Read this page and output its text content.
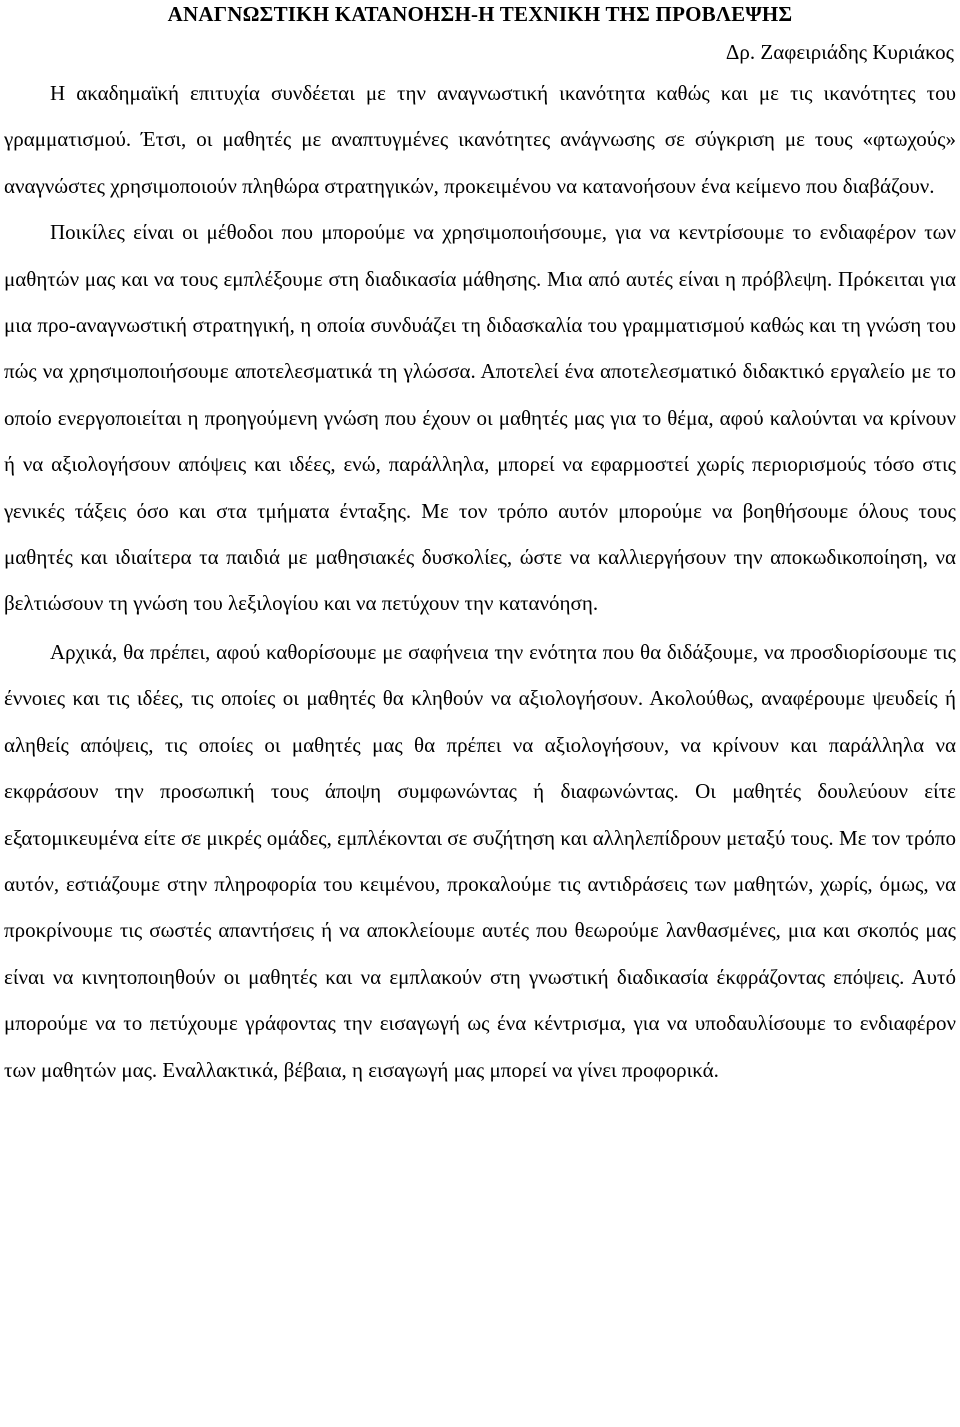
ΑΝΑΓΝΩΣΤΙΚΗ ΚΑΤΑΝΟΗΣΗ-Η ΤΕΧΝΙΚΗ ΤΗΣ ΠΡΟΒΛΕΨΗΣ

Δρ. Ζαφειριάδης Κυριάκος

Η ακαδημαϊκή επιτυχία συνδέεται με την αναγνωστική ικανότητα καθώς και με τις ικανότητες του γραμματισμού. Έτσι, οι μαθητές με αναπτυγμένες ικανότητες ανάγνωσης σε σύγκριση με τους «φτωχούς» αναγνώστες χρησιμοποιούν πληθώρα στρατηγικών, προκειμένου να κατανοήσουν ένα κείμενο που διαβάζουν.

Ποικίλες είναι οι μέθοδοι που μπορούμε να χρησιμοποιήσουμε, για να κεντρίσουμε το ενδιαφέρον των μαθητών μας και να τους εμπλέξουμε στη διαδικασία μάθησης. Μια από αυτές είναι η πρόβλεψη. Πρόκειται για μια προ-αναγνωστική στρατηγική, η οποία συνδυάζει τη διδασκαλία του γραμματισμού καθώς και τη γνώση του πώς να χρησιμοποιήσουμε αποτελεσματικά τη γλώσσα. Αποτελεί ένα αποτελεσματικό διδακτικό εργαλείο με το οποίο ενεργοποιείται η προηγούμενη γνώση που έχουν οι μαθητές μας για το θέμα, αφού καλούνται να κρίνουν ή να αξιολογήσουν απόψεις και ιδέες, ενώ, παράλληλα, μπορεί να εφαρμοστεί χωρίς περιορισμούς τόσο στις γενικές τάξεις όσο και στα τμήματα ένταξης. Με τον τρόπο αυτόν μπορούμε να βοηθήσουμε όλους τους μαθητές και ιδιαίτερα τα παιδιά με μαθησιακές δυσκολίες, ώστε να καλλιεργήσουν την αποκωδικοποίηση, να βελτιώσουν τη γνώση του λεξιλογίου και να πετύχουν την κατανόηση.

Αρχικά, θα πρέπει, αφού καθορίσουμε με σαφήνεια την ενότητα που θα διδάξουμε, να προσδιορίσουμε τις έννοιες και τις ιδέες, τις οποίες οι μαθητές θα κληθούν να αξιολογήσουν. Ακολούθως, αναφέρουμε ψευδείς ή αληθείς απόψεις, τις οποίες οι μαθητές μας θα πρέπει να αξιολογήσουν, να κρίνουν και παράλληλα να εκφράσουν την προσωπική τους άποψη συμφωνώντας ή διαφωνώντας. Οι μαθητές δουλεύουν είτε εξατομικευμένα είτε σε μικρές ομάδες, εμπλέκονται σε συζήτηση και αλληλεπίδρουν μεταξύ τους. Με τον τρόπο αυτόν, εστιάζουμε στην πληροφορία του κειμένου, προκαλούμε τις αντιδράσεις των μαθητών, χωρίς, όμως, να προκρίνουμε τις σωστές απαντήσεις ή να αποκλείουμε αυτές που θεωρούμε λανθασμένες, μια και σκοπός μας είναι να κινητοποιηθούν οι μαθητές και να εμπλακούν στη γνωστική διαδικασία έκφράζοντας επόψεις. Αυτό μπορούμε να το πετύχουμε γράφοντας την εισαγωγή ως ένα κέντρισμα, για να υποδαυλίσουμε το ενδιαφέρον των μαθητών μας. Εναλλακτικά, βέβαια, η εισαγωγή μας μπορεί να γίνει προφορικά.
